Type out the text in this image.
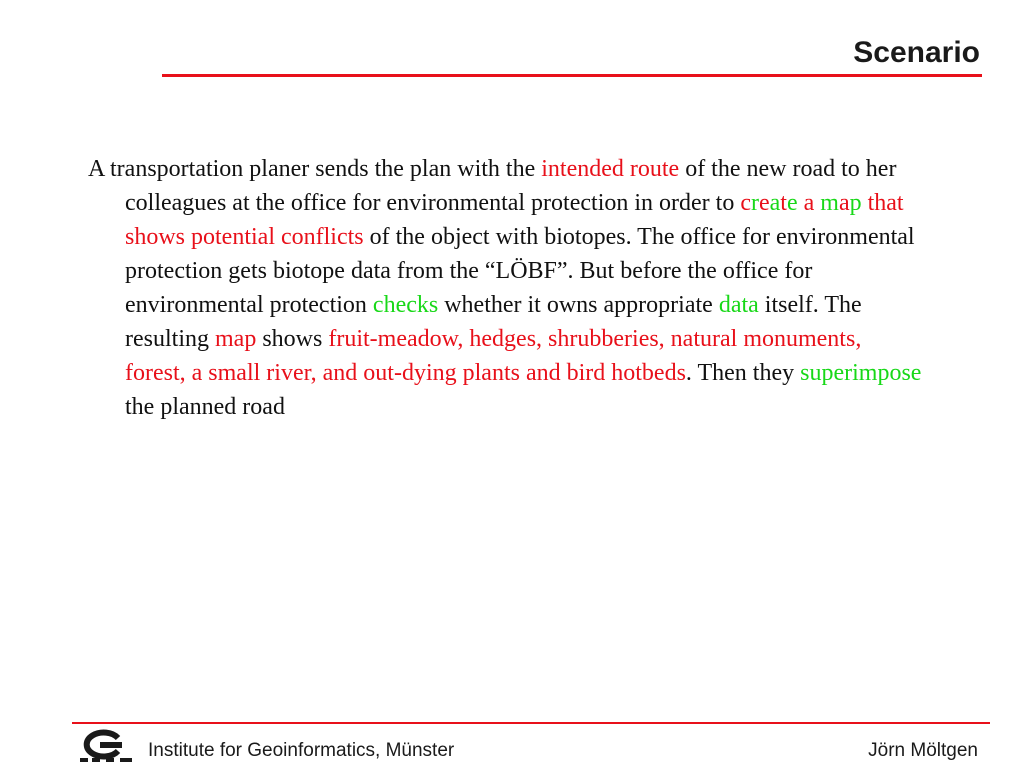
Scenario

A transportation planer sends the plan with the intended route of the new road to her colleagues at the office for environmental protection in order to create a map that shows potential conflicts of the object with biotopes. The office for environmental protection gets biotope data from the “LÖBF”. But before the office for environmental protection checks whether it owns appropriate data itself. The resulting map shows fruit-meadow, hedges, shrubberies, natural monuments, forest, a small river, and out-dying plants and bird hotbeds. Then they superimpose the planned road

Institute for Geoinformatics, Münster	Jörn Möltgen
